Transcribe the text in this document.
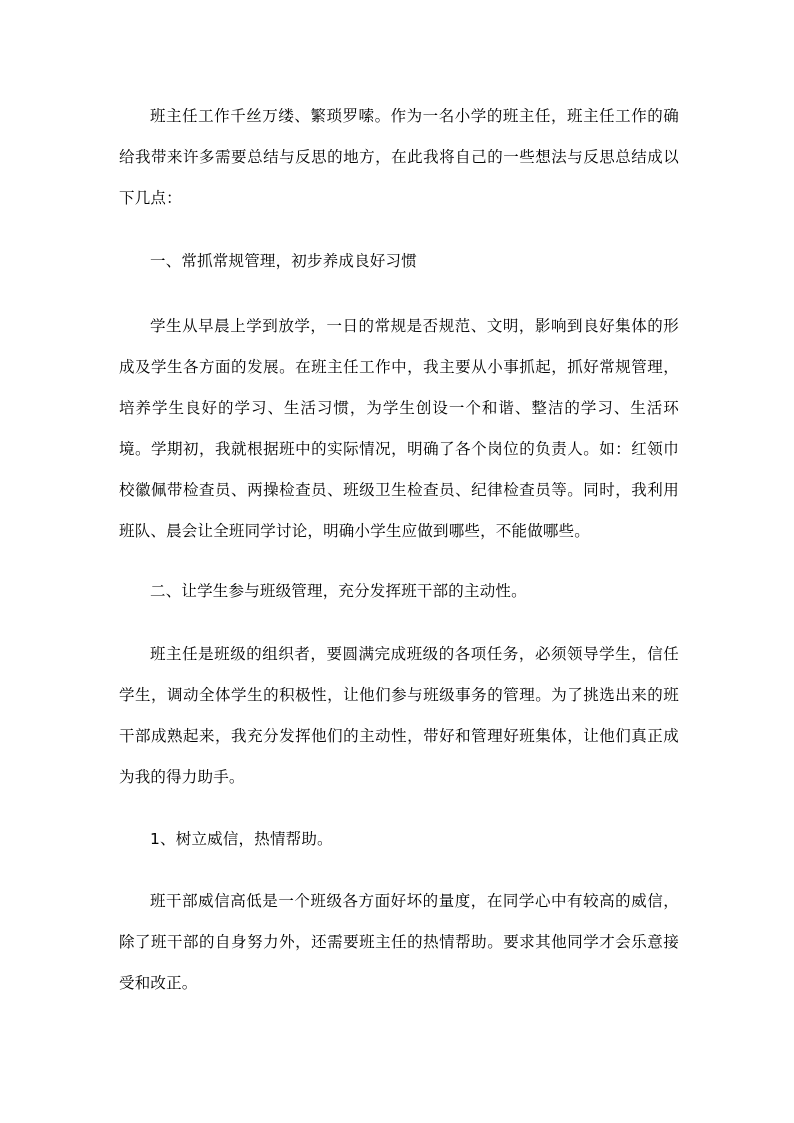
班主任工作千丝万缕、繁琐罗嗦。作为一名小学的班主任，班主任工作的确给我带来许多需要总结与反思的地方，在此我将自己的一些想法与反思总结成以下几点：

一、常抓常规管理，初步养成良好习惯

学生从早晨上学到放学，一日的常规是否规范、文明，影响到良好集体的形成及学生各方面的发展。在班主任工作中，我主要从小事抓起，抓好常规管理，培养学生良好的学习、生活习惯，为学生创设一个和谐、整洁的学习、生活环境。学期初，我就根据班中的实际情况，明确了各个岗位的负责人。如：红领巾校徽佩带检查员、两操检查员、班级卫生检查员、纪律检查员等。同时，我利用班队、晨会让全班同学讨论，明确小学生应做到哪些，不能做哪些。

二、让学生参与班级管理，充分发挥班干部的主动性。

班主任是班级的组织者，要圆满完成班级的各项任务，必须领导学生，信任学生，调动全体学生的积极性，让他们参与班级事务的管理。为了挑选出来的班干部成熟起来，我充分发挥他们的主动性，带好和管理好班集体，让他们真正成为我的得力助手。

1、树立威信，热情帮助。

班干部威信高低是一个班级各方面好坏的量度，在同学心中有较高的威信，除了班干部的自身努力外，还需要班主任的热情帮助。要求其他同学才会乐意接受和改正。
